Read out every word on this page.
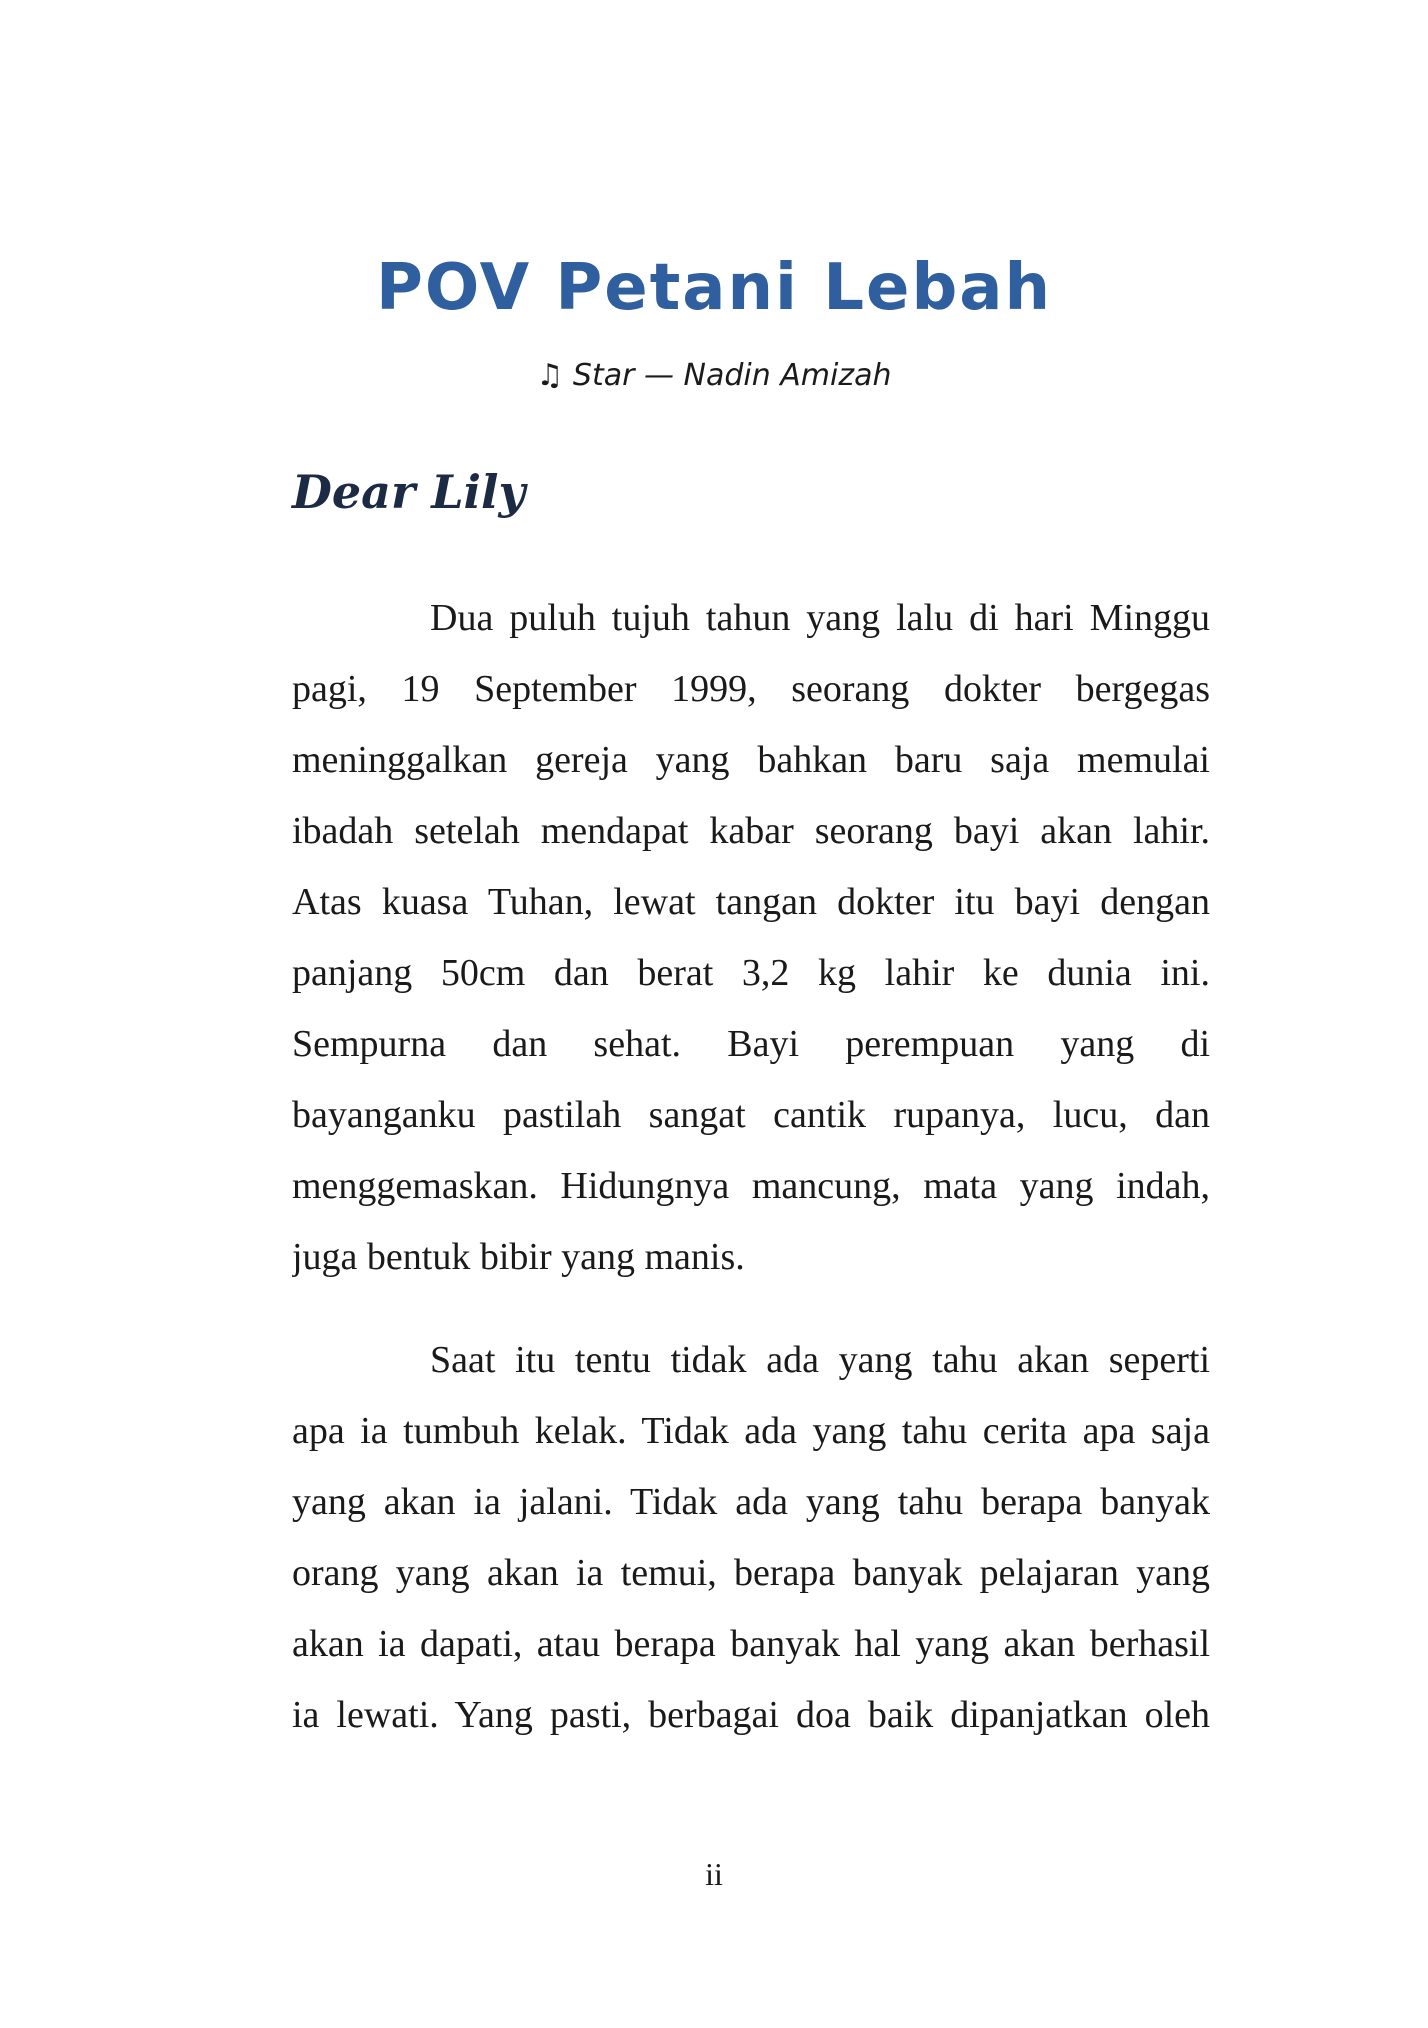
POV Petani Lebah
♫ Star — Nadin Amizah
Dear Lily
Dua puluh tujuh tahun yang lalu di hari Minggu
pagi, 19 September 1999, seorang dokter bergegas
meninggalkan gereja yang bahkan baru saja memulai
ibadah setelah mendapat kabar seorang bayi akan lahir.
Atas kuasa Tuhan, lewat tangan dokter itu bayi dengan
panjang 50cm dan berat 3,2 kg lahir ke dunia ini.
Sempurna dan sehat. Bayi perempuan yang di
bayanganku pastilah sangat cantik rupanya, lucu, dan
menggemaskan. Hidungnya mancung, mata yang indah,
juga bentuk bibir yang manis.
Saat itu tentu tidak ada yang tahu akan seperti
apa ia tumbuh kelak. Tidak ada yang tahu cerita apa saja
yang akan ia jalani. Tidak ada yang tahu berapa banyak
orang yang akan ia temui, berapa banyak pelajaran yang
akan ia dapati, atau berapa banyak hal yang akan berhasil
ia lewati. Yang pasti, berbagai doa baik dipanjatkan oleh
ii
